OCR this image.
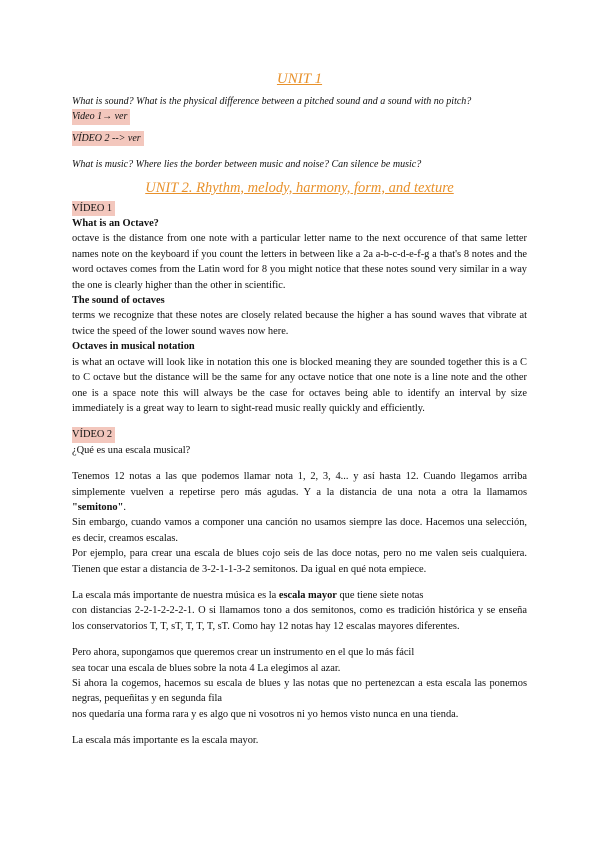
UNIT 1

What is sound? What is the physical difference between a pitched sound and a sound with no pitch?

Video 1→ ver

VÍDEO 2 --> ver

What is music? Where lies the border between music and noise? Can silence be music?

UNIT 2. Rhythm, melody, harmony, form, and texture

VÍDEO 1

What is an Octave?

octave is the distance from one note with a particular letter name to the next occurence of that same letter names note on the keyboard if you count the letters in between like a 2a a-b-c-d-e-f-g a that's 8 notes and the word octaves comes from the Latin word for 8 you might notice that these notes sound very similar in a way the one is clearly higher than the other in scientific.

The sound of octaves

terms we recognize that these notes are closely related because the higher a has sound waves that vibrate at twice the speed of the lower sound waves now here.

Octaves in musical notation

is what an octave will look like in notation this one is blocked meaning they are sounded together this is a C to C octave but the distance will be the same for any octave notice that one note is a line note and the other one is a space note this will always be the case for octaves being able to identify an interval by size immediately is a great way to learn to sight-read music really quickly and efficiently.

VÍDEO 2

¿Qué es una escala musical?

Tenemos 12 notas a las que podemos llamar nota 1, 2, 3, 4... y así hasta 12. Cuando llegamos arriba simplemente vuelven a repetirse pero más agudas. Y a la distancia de una nota a otra la llamamos "semitono".

Sin embargo, cuando vamos a componer una canción no usamos siempre las doce. Hacemos una selección, es decir, creamos escalas.

Por ejemplo, para crear una escala de blues cojo seis de las doce notas, pero no me valen seis cualquiera. Tienen que estar a distancia de 3-2-1-1-3-2 semitonos. Da igual en qué nota empiece.

La escala más importante de nuestra música es la escala mayor que tiene siete notas

con distancias 2-2-1-2-2-2-1. O si llamamos tono a dos semitonos, como es tradición histórica y se enseña los conservatorios T, T, sT, T, T, T, sT. Como hay 12 notas hay 12 escalas mayores diferentes.

Pero ahora, supongamos que queremos crear un instrumento en el que lo más fácil

sea tocar una escala de blues sobre la nota 4 La elegimos al azar.

Si ahora la cogemos, hacemos su escala de blues y las notas que no pertenezcan a esta escala las ponemos negras, pequeñitas y en segunda fila

nos quedaría una forma rara y es algo que ni vosotros ni yo hemos visto nunca en una tienda.

La escala más importante es la escala mayor.
